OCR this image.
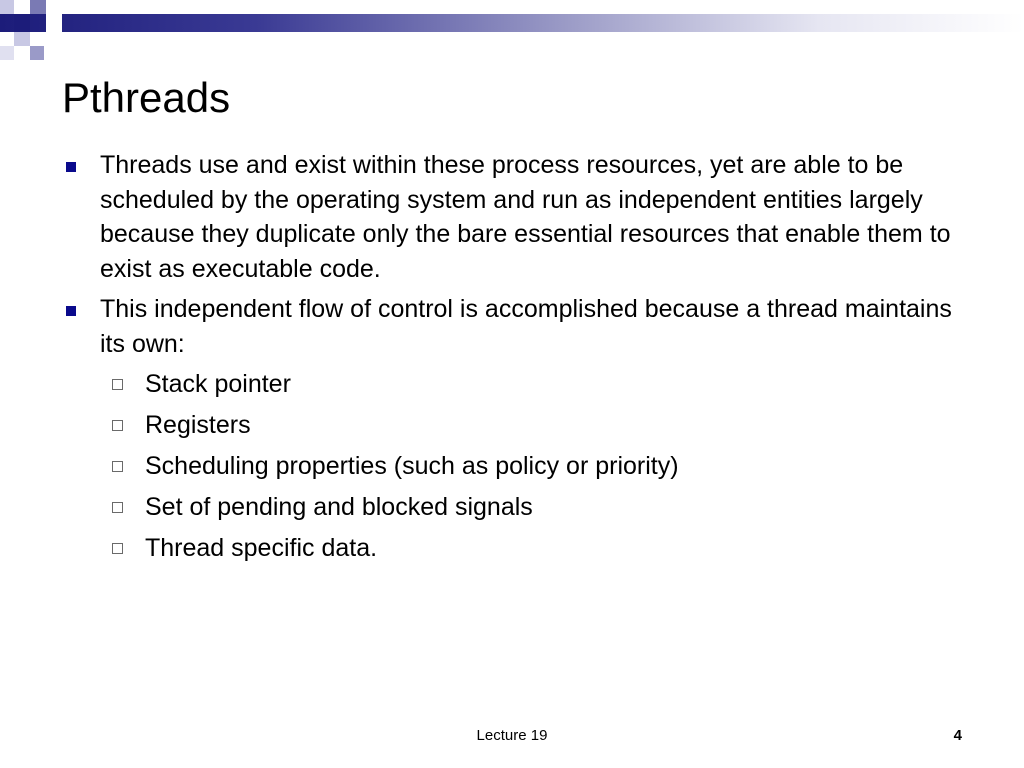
Pthreads
Threads use and exist within these process resources, yet are able to be scheduled by the operating system and run as independent entities largely because they duplicate only the bare essential resources that enable them to exist as executable code.
This independent flow of control is accomplished because a thread maintains its own:
Stack pointer
Registers
Scheduling properties (such as policy or priority)
Set of pending and blocked signals
Thread specific data.
Lecture 19	4
